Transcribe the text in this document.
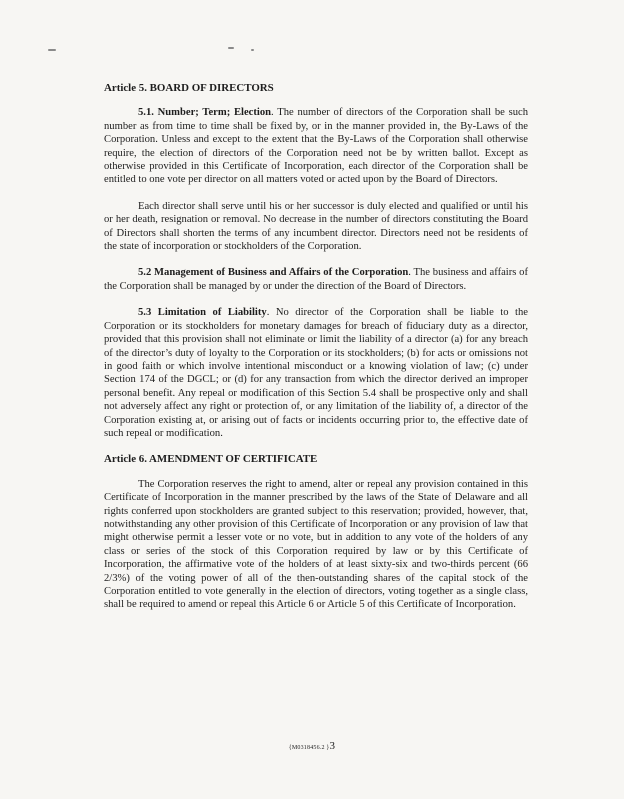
Article 5. BOARD OF DIRECTORS

5.1. Number; Term; Election. The number of directors of the Corporation shall be such number as from time to time shall be fixed by, or in the manner provided in, the By-Laws of the Corporation. Unless and except to the extent that the By-Laws of the Corporation shall otherwise require, the election of directors of the Corporation need not be by written ballot. Except as otherwise provided in this Certificate of Incorporation, each director of the Corporation shall be entitled to one vote per director on all matters voted or acted upon by the Board of Directors.

Each director shall serve until his or her successor is duly elected and qualified or until his or her death, resignation or removal. No decrease in the number of directors constituting the Board of Directors shall shorten the terms of any incumbent director. Directors need not be residents of the state of incorporation or stockholders of the Corporation.

5.2 Management of Business and Affairs of the Corporation. The business and affairs of the Corporation shall be managed by or under the direction of the Board of Directors.

5.3 Limitation of Liability. No director of the Corporation shall be liable to the Corporation or its stockholders for monetary damages for breach of fiduciary duty as a director, provided that this provision shall not eliminate or limit the liability of a director (a) for any breach of the director’s duty of loyalty to the Corporation or its stockholders; (b) for acts or omissions not in good faith or which involve intentional misconduct or a knowing violation of law; (c) under Section 174 of the DGCL; or (d) for any transaction from which the director derived an improper personal benefit. Any repeal or modification of this Section 5.4 shall be prospective only and shall not adversely affect any right or protection of, or any limitation of the liability of, a director of the Corporation existing at, or arising out of facts or incidents occurring prior to, the effective date of such repeal or modification.

Article 6. AMENDMENT OF CERTIFICATE

The Corporation reserves the right to amend, alter or repeal any provision contained in this Certificate of Incorporation in the manner prescribed by the laws of the State of Delaware and all rights conferred upon stockholders are granted subject to this reservation; provided, however, that, notwithstanding any other provision of this Certificate of Incorporation or any provision of law that might otherwise permit a lesser vote or no vote, but in addition to any vote of the holders of any class or series of the stock of this Corporation required by law or by this Certificate of Incorporation, the affirmative vote of the holders of at least sixty-six and two-thirds percent (66 2/3%) of the voting power of all of the then-outstanding shares of the capital stock of the Corporation entitled to vote generally in the election of directors, voting together as a single class, shall be required to amend or repeal this Article 6 or Article 5 of this Certificate of Incorporation.

{M0318456.2 }3
